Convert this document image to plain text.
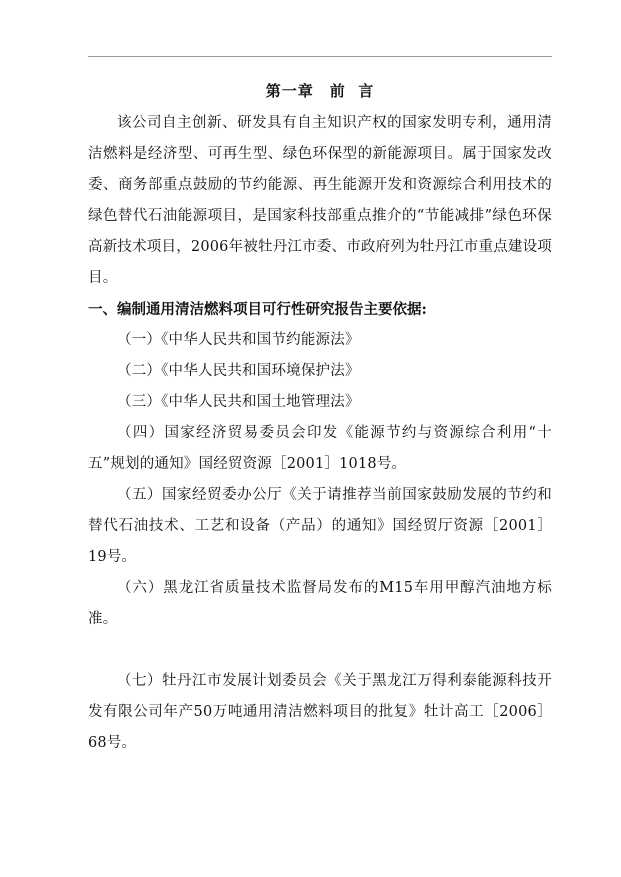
第一章 前  言

该公司自主创新、研发具有自主知识产权的国家发明专利，通用清洁燃料是经济型、可再生型、绿色环保型的新能源项目。属于国家发改委、商务部重点鼓励的节约能源、再生能源开发和资源综合利用技术的绿色替代石油能源项目，是国家科技部重点推介的“节能减排”绿色环保高新技术项目，2006年被牡丹江市委、市政府列为牡丹江市重点建设项目。

一、编制通用清洁燃料项目可行性研究报告主要依据:

（一）《中华人民共和国节约能源法》

（二）《中华人民共和国环境保护法》

（三）《中华人民共和国土地管理法》

（四）国家经济贸易委员会印发《能源节约与资源综合利用“十五”规划的通知》国经贸资源［2001］1018号。

（五）国家经贸委办公厅《关于请推荐当前国家鼓励发展的节约和替代石油技术、工艺和设备（产品）的通知》国经贸厅资源［2001］19号。

（六）黑龙江省质量技术监督局发布的M15车用甲醇汽油地方标准。

（七）牡丹江市发展计划委员会《关于黑龙江万得利泰能源科技开发有限公司年产50万吨通用清洁燃料项目的批复》牡计高工［2006］68号。
